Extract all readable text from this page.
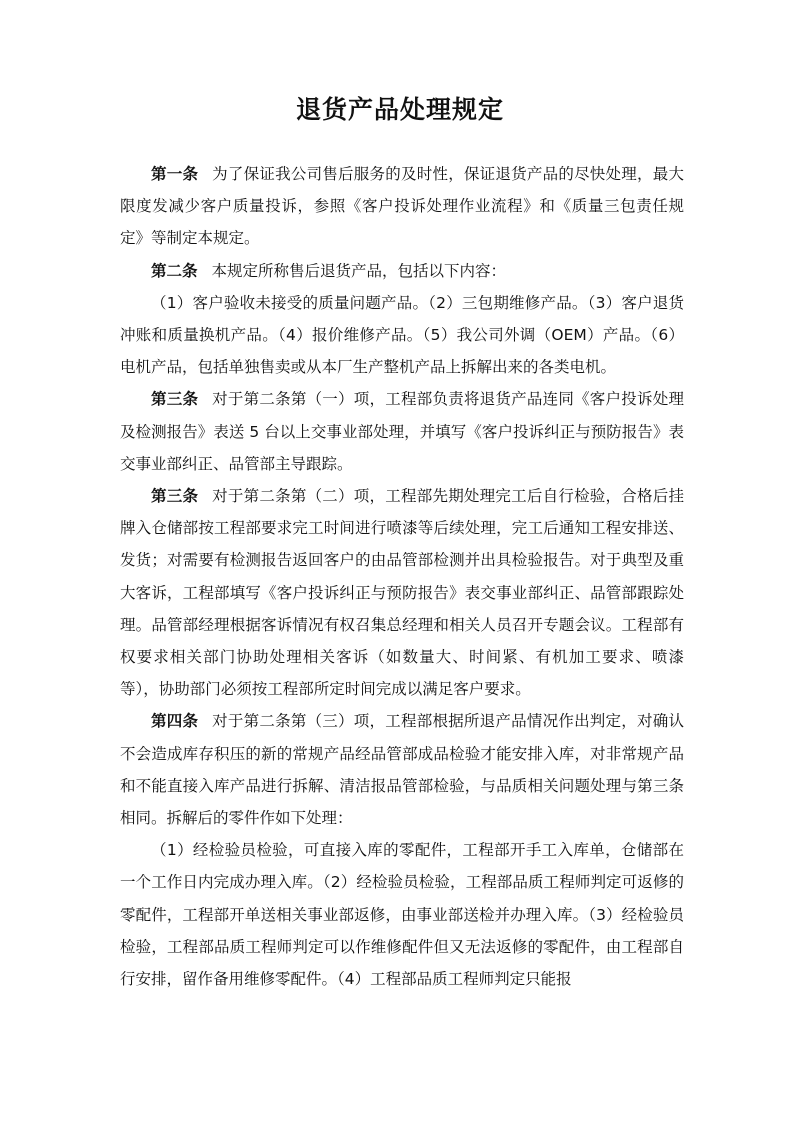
退货产品处理规定

第一条 为了保证我公司售后服务的及时性，保证退货产品的尽快处理，最大限度发减少客户质量投诉，参照《客户投诉处理作业流程》和《质量三包责任规定》等制定本规定。

第二条 本规定所称售后退货产品，包括以下内容：

（1）客户验收未接受的质量问题产品。（2）三包期维修产品。（3）客户退货冲账和质量换机产品。（4）报价维修产品。（5）我公司外调（OEM）产品。（6）电机产品，包括单独售卖或从本厂生产整机产品上拆解出来的各类电机。

第三条 对于第二条第（一）项，工程部负责将退货产品连同《客户投诉处理及检测报告》表送 5 台以上交事业部处理，并填写《客户投诉纠正与预防报告》表交事业部纠正、品管部主导跟踪。

第三条 对于第二条第（二）项，工程部先期处理完工后自行检验，合格后挂牌入仓储部按工程部要求完工时间进行喷漆等后续处理，完工后通知工程安排送、发货；对需要有检测报告返回客户的由品管部检测并出具检验报告。对于典型及重大客诉，工程部填写《客户投诉纠正与预防报告》表交事业部纠正、品管部跟踪处理。品管部经理根据客诉情况有权召集总经理和相关人员召开专题会议。工程部有权要求相关部门协助处理相关客诉（如数量大、时间紧、有机加工要求、喷漆等），协助部门必须按工程部所定时间完成以满足客户要求。

第四条 对于第二条第（三）项，工程部根据所退产品情况作出判定，对确认不会造成库存积压的新的常规产品经品管部成品检验才能安排入库，对非常规产品和不能直接入库产品进行拆解、清洁报品管部检验，与品质相关问题处理与第三条相同。拆解后的零件作如下处理：

（1）经检验员检验，可直接入库的零配件，工程部开手工入库单，仓储部在一个工作日内完成办理入库。（2）经检验员检验，工程部品质工程师判定可返修的零配件，工程部开单送相关事业部返修，由事业部送检并办理入库。（3）经检验员检验，工程部品质工程师判定可以作维修配件但又无法返修的零配件，由工程部自行安排，留作备用维修零配件。（4）工程部品质工程师判定只能报
